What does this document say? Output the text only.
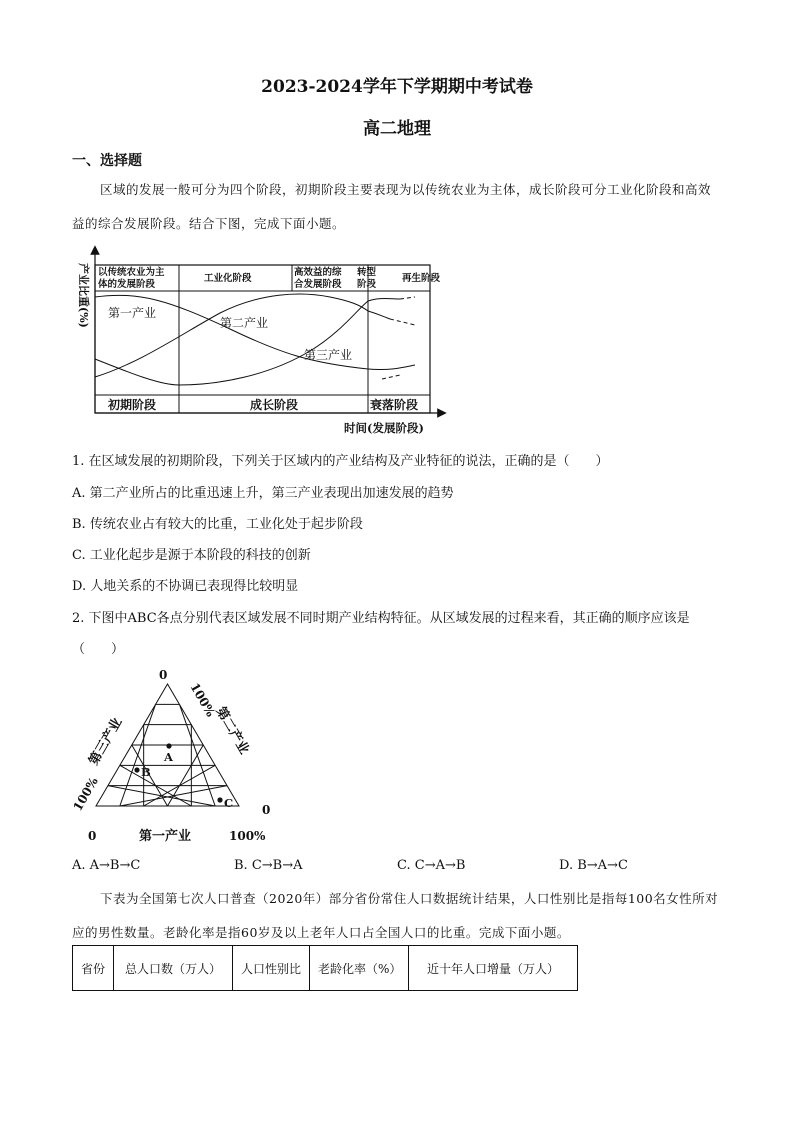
2023-2024学年下学期期中考试卷
高二地理
一、选择题
区域的发展一般可分为四个阶段，初期阶段主要表现为以传统农业为主体，成长阶段可分工业化阶段和高效益的综合发展阶段。结合下图，完成下面小题。
以传统农业为主
体的发展阶段
工业化阶段
高效益的综合发展阶段
转型阶段
再生阶段
第一产业
第二产业
第三产业
初期阶段	成长阶段	衰落阶段
产业比重(%)
时间(发展阶段)
1. 在区域发展的初期阶段，下列关于区域内的产业结构及产业特征的说法，正确的是（　　）
A. 第二产业所占的比重迅速上升，第三产业表现出加速发展的趋势
B. 传统农业占有较大的比重，工业化处于起步阶段
C. 工业化起步是源于本阶段的科技的创新
D. 人地关系的不协调已表现得比较明显
2. 下图中ABC各点分别代表区域发展不同时期产业结构特征。从区域发展的过程来看，其正确的顺序应该是（　　）
0
0
0	100%
100%
100%
第三产业	第二产业
第一产业
A
B
C
A. A→B→C	B. C→B→A	C. C→A→B	D. B→A→C
下表为全国第七次人口普查（2020年）部分省份常住人口数据统计结果，人口性别比是指每100名女性所对应的男性数量。老龄化率是指60岁及以上老年人口占全国人口的比重。完成下面小题。
省份	总人口数（万人）	人口性别比	老龄化率（%）	近十年人口增量（万人）
